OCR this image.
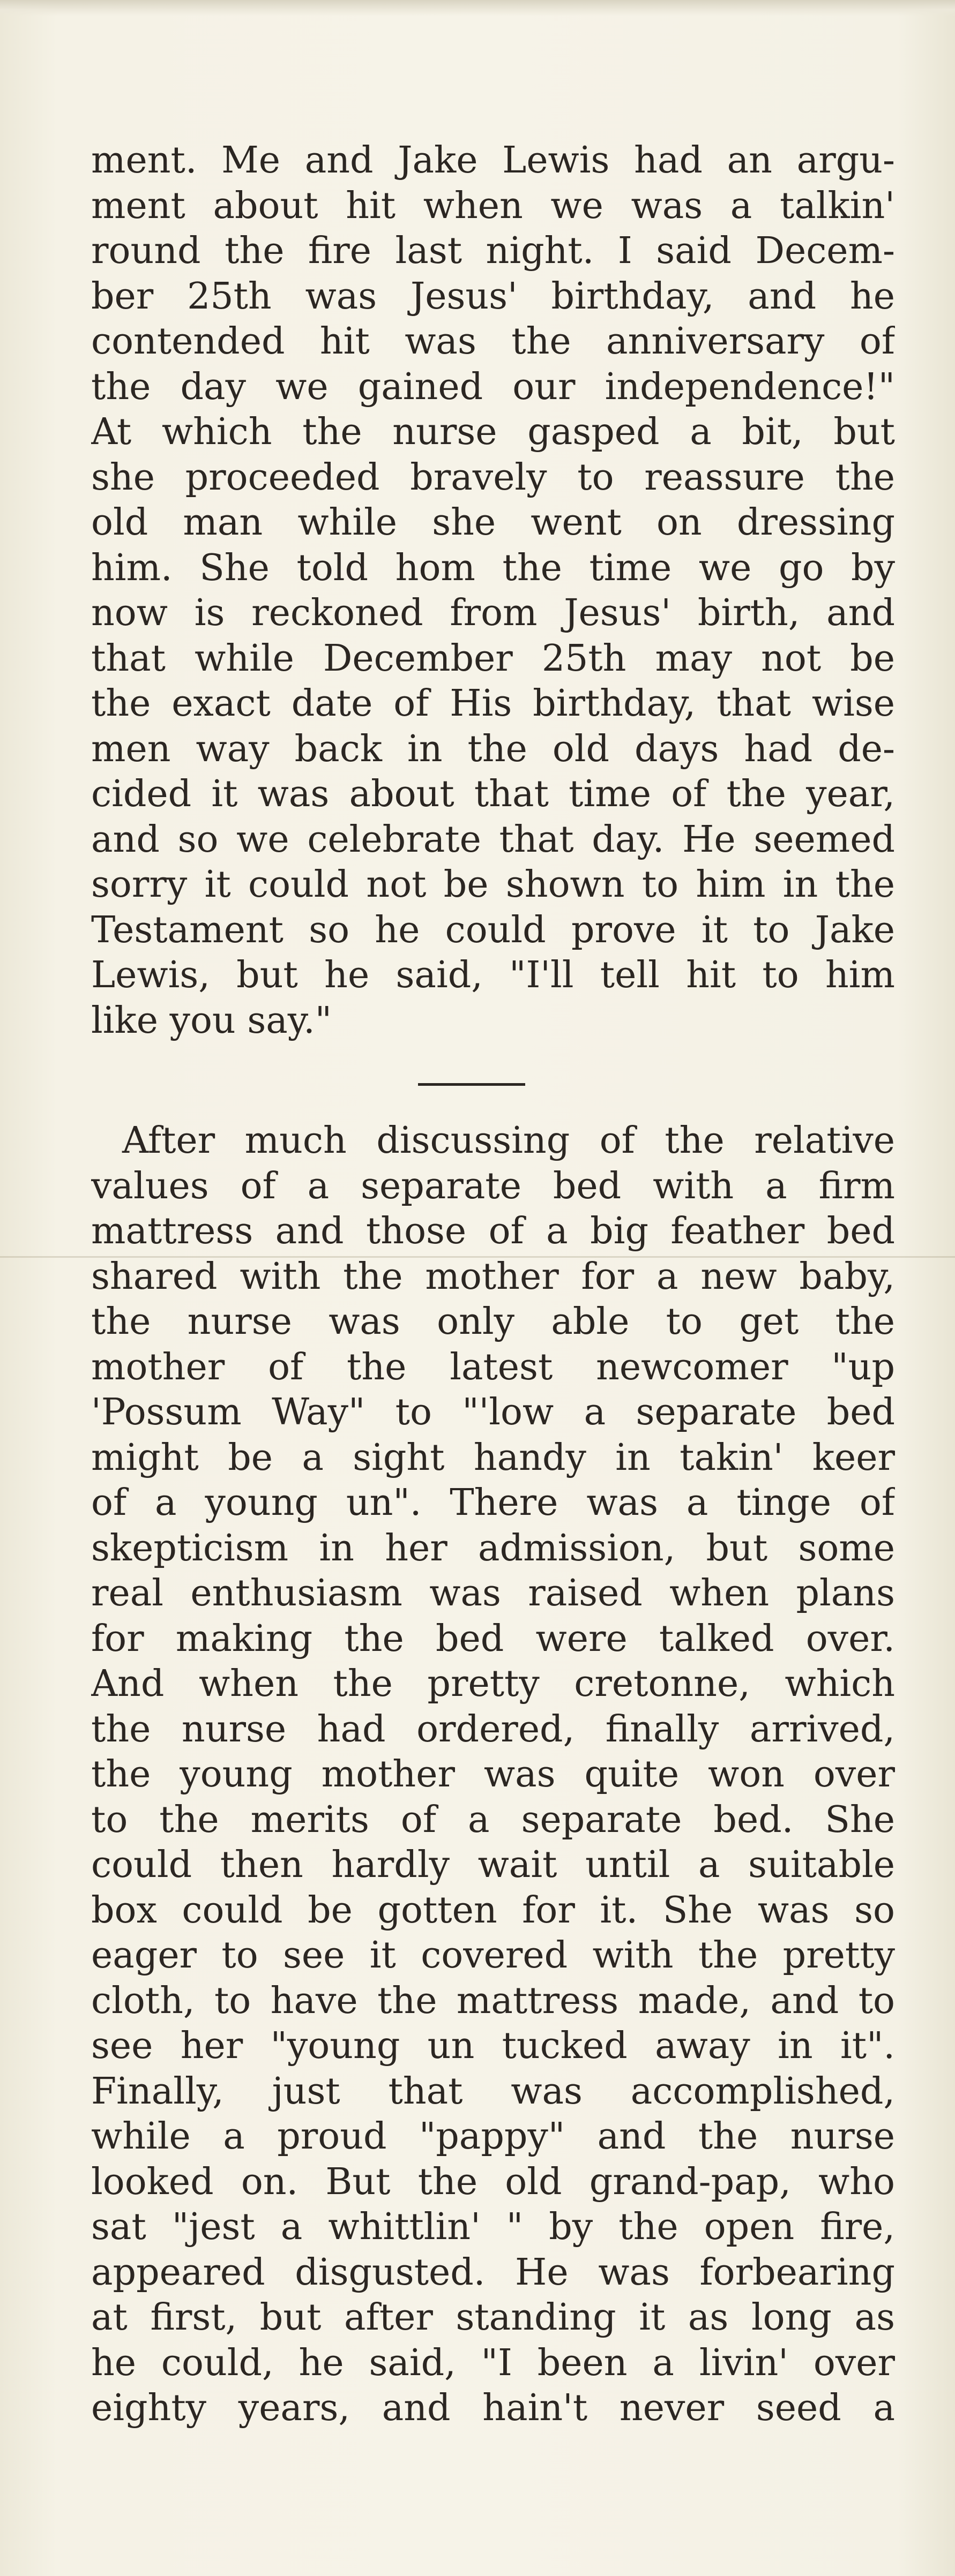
ment. Me and Jake Lewis had an argu-
ment about hit when we was a talkin'
round the fire last night. I said Decem-
ber 25th was Jesus' birthday, and he
contended hit was the anniversary of
the day we gained our independence!"
At which the nurse gasped a bit, but
she proceeded bravely to reassure the
old man while she went on dressing
him. She told hom the time we go by
now is reckoned from Jesus' birth, and
that while December 25th may not be
the exact date of His birthday, that wise
men way back in the old days had de-
cided it was about that time of the year,
and so we celebrate that day. He seemed
sorry it could not be shown to him in the
Testament so he could prove it to Jake
Lewis, but he said, "I'll tell hit to him
like you say."
After much discussing of the relative
values of a separate bed with a firm
mattress and those of a big feather bed
shared with the mother for a new baby,
the nurse was only able to get the
mother of the latest newcomer "up
'Possum Way" to "'low a separate bed
might be a sight handy in takin' keer
of a young un". There was a tinge of
skepticism in her admission, but some
real enthusiasm was raised when plans
for making the bed were talked over.
And when the pretty cretonne, which
the nurse had ordered, finally arrived,
the young mother was quite won over
to the merits of a separate bed. She
could then hardly wait until a suitable
box could be gotten for it. She was so
eager to see it covered with the pretty
cloth, to have the mattress made, and to
see her "young un tucked away in it".
Finally, just that was accomplished,
while a proud "pappy" and the nurse
looked on. But the old grand-pap, who
sat "jest a whittlin' " by the open fire,
appeared disgusted. He was forbearing
at first, but after standing it as long as
he could, he said, "I been a livin' over
eighty years, and hain't never seed a
